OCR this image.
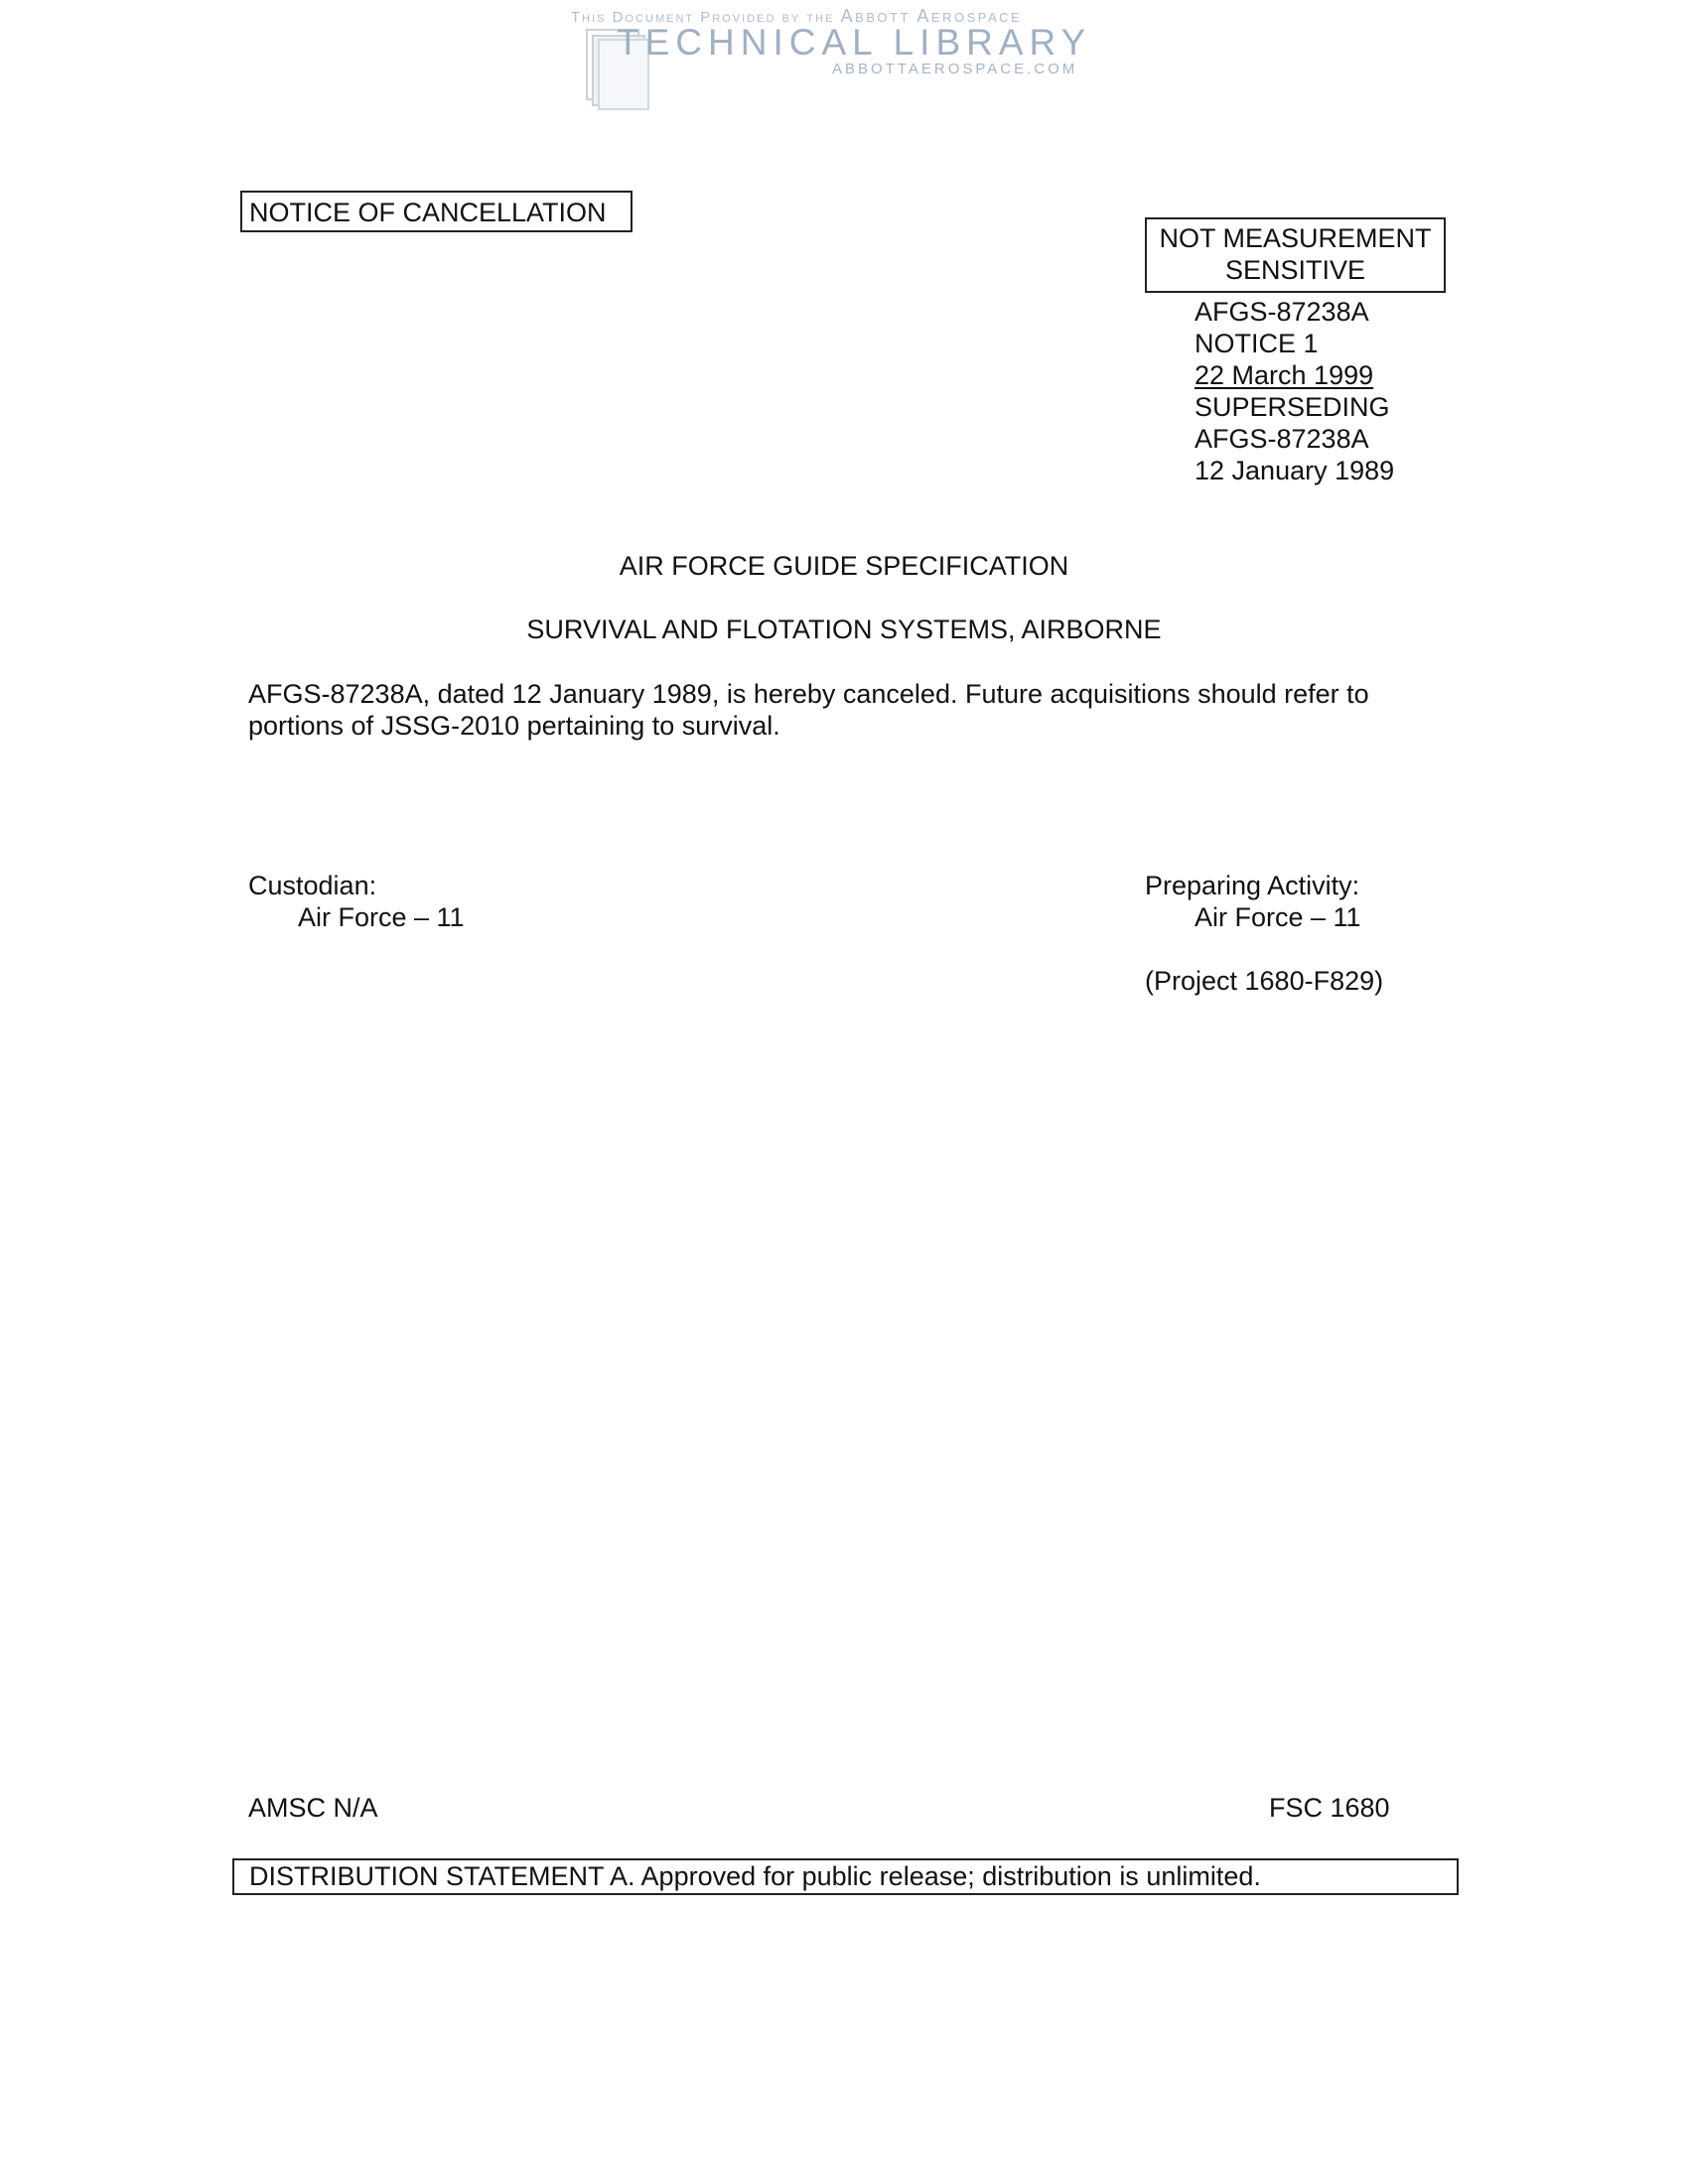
This Document Provided by the Abbott Aerospace
TECHNICAL LIBRARY
ABBOTTAEROSPACE.COM
NOTICE OF CANCELLATION
NOT MEASUREMENT
SENSITIVE
AFGS-87238A
NOTICE 1
22 March 1999
SUPERSEDING
AFGS-87238A
12 January 1989
AIR FORCE GUIDE SPECIFICATION
SURVIVAL AND FLOTATION SYSTEMS, AIRBORNE
AFGS-87238A, dated 12 January 1989, is hereby canceled. Future acquisitions should refer to
portions of JSSG-2010 pertaining to survival.
Custodian:
Air Force – 11
Preparing Activity:
Air Force – 11
(Project 1680-F829)
AMSC N/A	FSC 1680
DISTRIBUTION STATEMENT A. Approved for public release; distribution is unlimited.
